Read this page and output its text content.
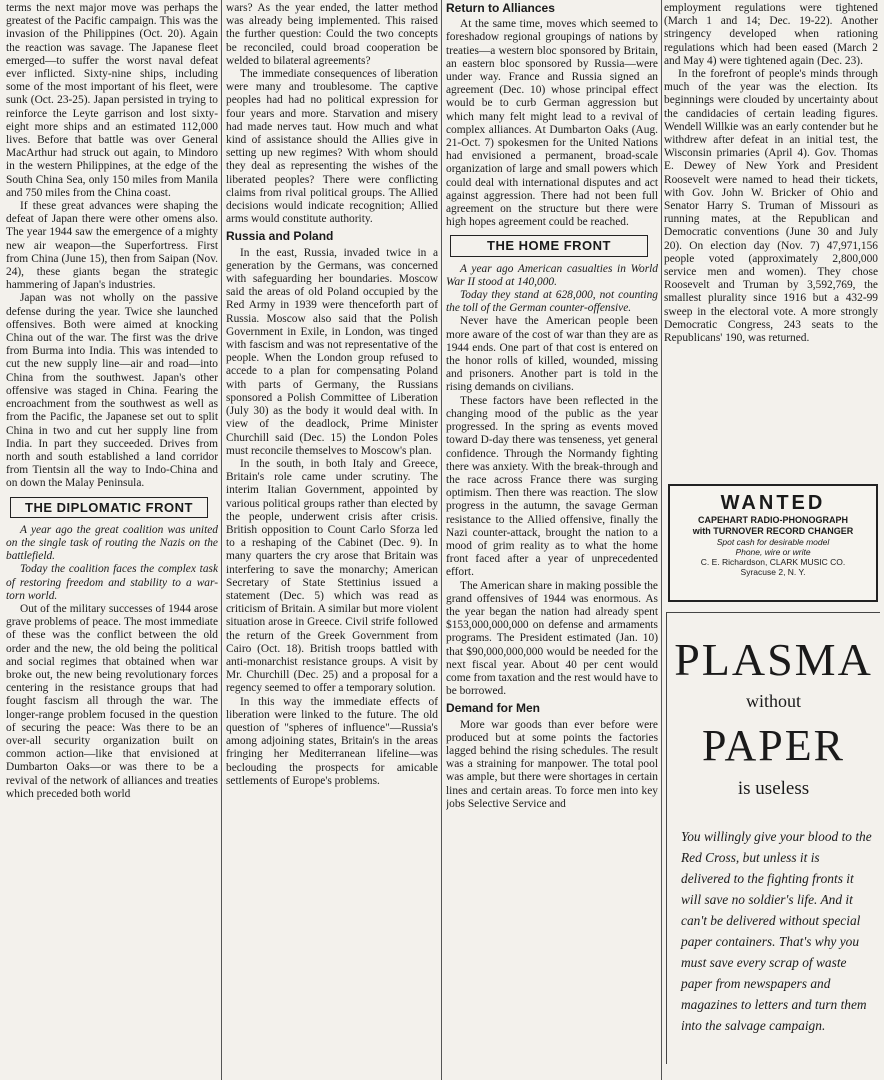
terms the next major move was perhaps the greatest of the Pacific campaign. This was the invasion of the Philippines (Oct. 20). Again the reaction was savage. The Japanese fleet emerged—to suffer the worst naval defeat ever inflicted. Sixty-nine ships, including some of the most important of his fleet, were sunk (Oct. 23-25). Japan persisted in trying to reinforce the Leyte garrison and lost sixty-eight more ships and an estimated 112,000 lives. Before that battle was over General MacArthur had struck out again, to Mindoro in the western Philippines, at the edge of the South China Sea, only 150 miles from Manila and 750 miles from the China coast.

If these great advances were shaping the defeat of Japan there were other omens also. The year 1944 saw the emergence of a mighty new air weapon—the Superfortress. First from China (June 15), then from Saipan (Nov. 24), these giants began the strategic hammering of Japan's industries.

Japan was not wholly on the passive defense during the year. Twice she launched offensives. Both were aimed at knocking China out of the war. The first was the drive from Burma into India. This was intended to cut the new supply line—air and road—into China from the southwest. Japan's other offensive was staged in China. Fearing the encroachment from the southwest as well as from the Pacific, the Japanese set out to split China in two and cut her supply line from India. In part they succeeded. Drives from north and south established a land corridor from Tientsin all the way to Indo-China and on down the Malay Peninsula.

THE DIPLOMATIC FRONT

A year ago the great coalition was united on the single task of routing the Nazis on the battlefield.

Today the coalition faces the complex task of restoring freedom and stability to a war-torn world.

Out of the military successes of 1944 arose grave problems of peace. The most immediate of these was the conflict between the old order and the new, the old being the political and social regimes that obtained when war broke out, the new being revolutionary forces centering in the resistance groups that had fought fascism all through the war. The longer-range problem focused in the question of securing the peace: Was there to be an over-all security organization built on common action—like that envisioned at Dumbarton Oaks—or was there to be a revival of the network of alliances and treaties which preceded both world

wars? As the year ended, the latter method was already being implemented. This raised the further question: Could the two concepts be reconciled, could broad cooperation be welded to bilateral agreements?

The immediate consequences of liberation were many and troublesome. The captive peoples had had no political expression for four years and more. Starvation and misery had made nerves taut. How much and what kind of assistance should the Allies give in setting up new regimes? With whom should they deal as representing the wishes of the liberated peoples? There were conflicting claims from rival political groups. The Allied decisions would indicate recognition; Allied arms would constitute authority.

Russia and Poland

In the east, Russia, invaded twice in a generation by the Germans, was concerned with safeguarding her boundaries. Moscow said the areas of old Poland occupied by the Red Army in 1939 were thenceforth part of Russia. Moscow also said that the Polish Government in Exile, in London, was tinged with fascism and was not representative of the people. When the London group refused to accede to a plan for compensating Poland with parts of Germany, the Russians sponsored a Polish Committee of Liberation (July 30) as the body it would deal with. In view of the deadlock, Prime Minister Churchill said (Dec. 15) the London Poles must reconcile themselves to Moscow's plan.

In the south, in both Italy and Greece, Britain's role came under scrutiny. The interim Italian Government, appointed by various political groups rather than elected by the people, underwent crisis after crisis. British opposition to Count Carlo Sforza led to a reshaping of the Cabinet (Dec. 9). In many quarters the cry arose that Britain was interfering to save the monarchy; American Secretary of State Stettinius issued a statement (Dec. 5) which was read as criticism of Britain. A similar but more violent situation arose in Greece. Civil strife followed the return of the Greek Government from Cairo (Oct. 18). British troops battled with anti-monarchist resistance groups. A visit by Mr. Churchill (Dec. 25) and a proposal for a regency seemed to offer a temporary solution.

In this way the immediate effects of liberation were linked to the future. The old question of "spheres of influence"—Russia's among adjoining states, Britain's in the areas fringing her Mediterranean lifeline—was beclouding the prospects for amicable settlements of Europe's problems.

Return to Alliances

At the same time, moves which seemed to foreshadow regional groupings of nations by treaties—a western bloc sponsored by Britain, an eastern bloc sponsored by Russia—were under way. France and Russia signed an agreement (Dec. 10) whose principal effect would be to curb German aggression but which many felt might lead to a revival of complex alliances. At Dumbarton Oaks (Aug. 21-Oct. 7) spokesmen for the United Nations had envisioned a permanent, broad-scale organization of large and small powers which could deal with international disputes and act against aggression. There had not been full agreement on the structure but there were high hopes agreement could be reached.

THE HOME FRONT

A year ago American casualties in World War II stood at 140,000.

Today they stand at 628,000, not counting the toll of the German counter-offensive.

Never have the American people been more aware of the cost of war than they are as 1944 ends. One part of that cost is entered on the honor rolls of killed, wounded, missing and prisoners. Another part is told in the rising demands on civilians.

These factors have been reflected in the changing mood of the public as the year progressed. In the spring as events moved toward D-day there was tenseness, yet general confidence. Through the Normandy fighting there was anxiety. With the break-through and the race across France there was surging optimism. Then there was reaction. The slow progress in the autumn, the savage German resistance to the Allied offensive, finally the Nazi counter-attack, brought the nation to a mood of grim reality as to what the home front faced after a year of unprecedented effort.

The American share in making possible the grand offensives of 1944 was enormous. As the year began the nation had already spent $153,000,000,000 on defense and armaments programs. The President estimated (Jan. 10) that $90,000,000,000 would be needed for the next fiscal year. About 40 per cent would come from taxation and the rest would have to be borrowed.

Demand for Men

More war goods than ever before were produced but at some points the factories lagged behind the rising schedules. The result was a straining for manpower. The total pool was ample, but there were shortages in certain lines and certain areas. To force men into key jobs Selective Service and

employment regulations were tightened (March 1 and 14; Dec. 19-22). Another stringency developed when rationing regulations which had been eased (March 2 and May 4) were tightened again (Dec. 23).

In the forefront of people's minds through much of the year was the election. Its beginnings were clouded by uncertainty about the candidacies of certain leading figures. Wendell Willkie was an early contender but he withdrew after defeat in an initial test, the Wisconsin primaries (April 4). Gov. Thomas E. Dewey of New York and President Roosevelt were named to head their tickets, with Gov. John W. Bricker of Ohio and Senator Harry S. Truman of Missouri as running mates, at the Republican and Democratic conventions (June 30 and July 20). On election day (Nov. 7) 47,971,156 people voted (approximately 2,800,000 service men and women). They chose Roosevelt and Truman by 3,592,769, the smallest plurality since 1916 but a 432-99 sweep in the electoral vote. A more strongly Democratic Congress, 243 seats to the Republicans' 190, was returned.

WANTED
CAPEHART RADIO-PHONOGRAPH
with TURNOVER RECORD CHANGER
Spot cash for desirable model
Phone, wire or write
C. E. Richardson, CLARK MUSIC CO.
Syracuse 2, N. Y.
PLASMA
without
PAPER
is useless
You willingly give your blood to the Red Cross, but unless it is delivered to the fighting fronts it will save no soldier's life. And it can't be delivered without special paper containers. That's why you must save every scrap of waste paper from newspapers and magazines to letters and turn them into the salvage campaign.
